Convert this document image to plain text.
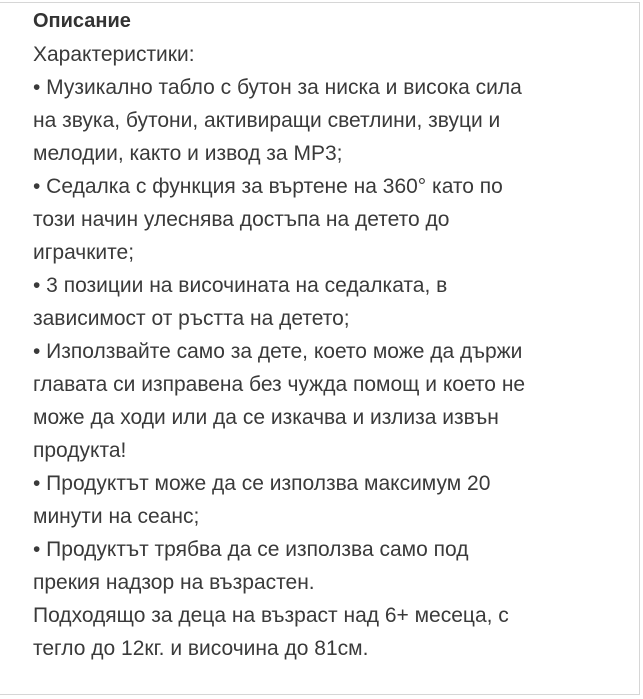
Описание
Характеристики:
• Музикално табло с бутон за ниска и висока сила
на звука, бутони, активиращи светлини, звуци и
мелодии, както и извод за MP3;
• Седалка с функция за въртене на 360° като по
този начин улеснява достъпа на детето до
играчките;
• 3 позиции на височината на седалката, в
зависимост от ръстта на детето;
• Използвайте само за дете, което може да държи
главата си изправена без чужда помощ и което не
може да ходи или да се изкачва и излиза извън
продукта!
• Продуктът може да се използва максимум 20
минути на сеанс;
• Продуктът трябва да се използва само под
прекия надзор на възрастен.
Подходящо за деца на възраст над 6+ месеца, с
тегло до 12кг. и височина до 81см.
